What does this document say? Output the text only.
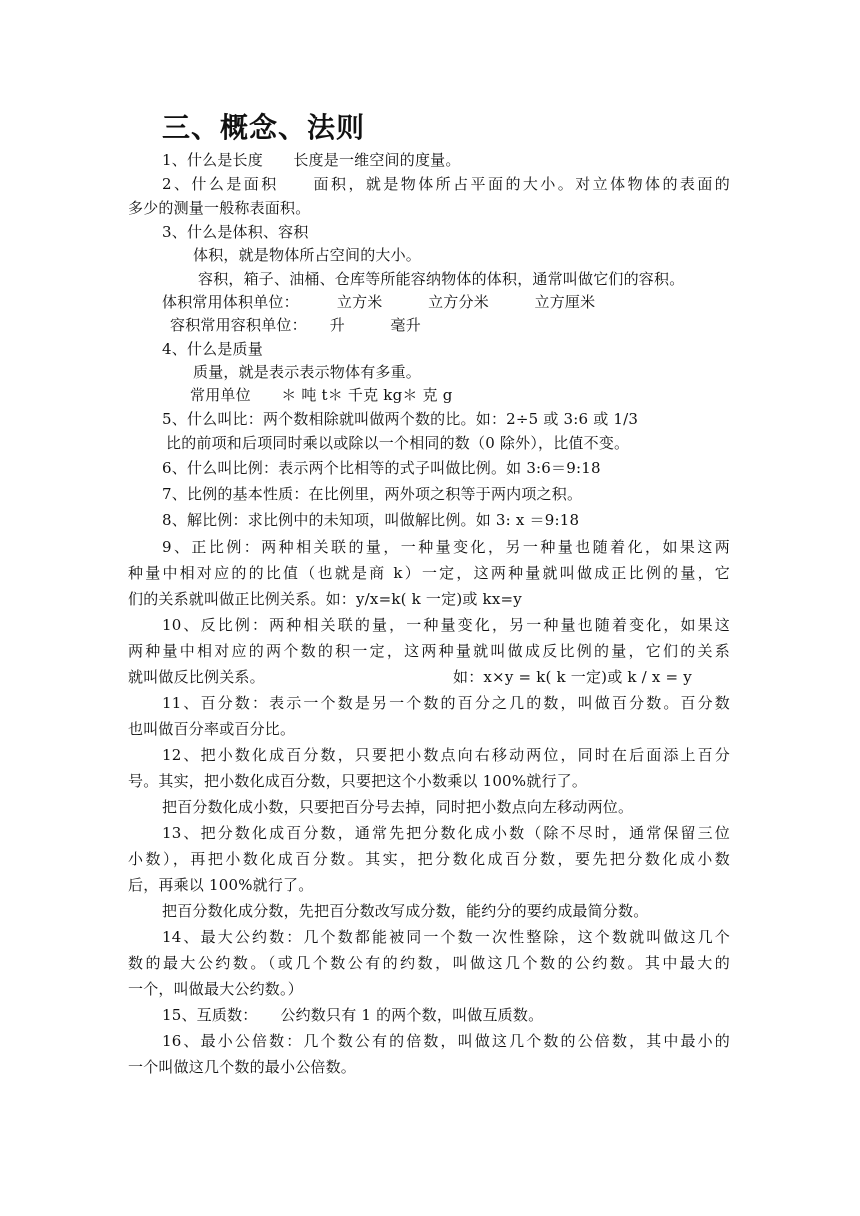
三、概念、法则
1、什么是长度　　长度是一维空间的度量。
2、什么是面积　　面积，就是物体所占平面的大小。对立体物体的表面的
多少的测量一般称表面积。
3、什么是体积、容积
体积，就是物体所占空间的大小。
容积，箱子、油桶、仓库等所能容纳物体的体积，通常叫做它们的容积。
体积常用体积单位：　　　立方米　　　立方分米　　　立方厘米
容积常用容积单位：　　升　　　毫升
4、什么是质量
质量，就是表示表示物体有多重。
常用单位　　＊ 吨 t＊ 千克 kg＊ 克 g
5、什么叫比：两个数相除就叫做两个数的比。如：2÷5 或 3:6 或 1/3
比的前项和后项同时乘以或除以一个相同的数（0 除外），比值不变。
6、什么叫比例：表示两个比相等的式子叫做比例。如 3:6＝9:18
7、比例的基本性质：在比例里，两外项之积等于两内项之积。
8、解比例：求比例中的未知项，叫做解比例。如 3: x ＝9:18
9、正比例：两种相关联的量，一种量变化，另一种量也随着化，如果这两
种量中相对应的的比值（也就是商 k）一定，这两种量就叫做成正比例的量，它
们的关系就叫做正比例关系。如：y/x=k( k 一定)或 kx=y
10、反比例：两种相关联的量，一种量变化，另一种量也随着变化，如果这
两种量中相对应的两个数的积一定，这两种量就叫做成反比例的量，它们的关系
就叫做反比例关系。	如：x×y = k( k 一定)或 k / x = y
11、百分数：表示一个数是另一个数的百分之几的数，叫做百分数。百分数
也叫做百分率或百分比。
12、把小数化成百分数，只要把小数点向右移动两位，同时在后面添上百分
号。其实，把小数化成百分数，只要把这个小数乘以 100%就行了。
把百分数化成小数，只要把百分号去掉，同时把小数点向左移动两位。
13、把分数化成百分数，通常先把分数化成小数（除不尽时，通常保留三位
小数），再把小数化成百分数。其实，把分数化成百分数，要先把分数化成小数
后，再乘以 100%就行了。
把百分数化成分数，先把百分数改写成分数，能约分的要约成最简分数。
14、最大公约数：几个数都能被同一个数一次性整除，这个数就叫做这几个
数的最大公约数。（或几个数公有的约数，叫做这几个数的公约数。其中最大的
一个，叫做最大公约数。）
15、互质数：　　公约数只有 1 的两个数，叫做互质数。
16、最小公倍数：几个数公有的倍数，叫做这几个数的公倍数，其中最小的
一个叫做这几个数的最小公倍数。
